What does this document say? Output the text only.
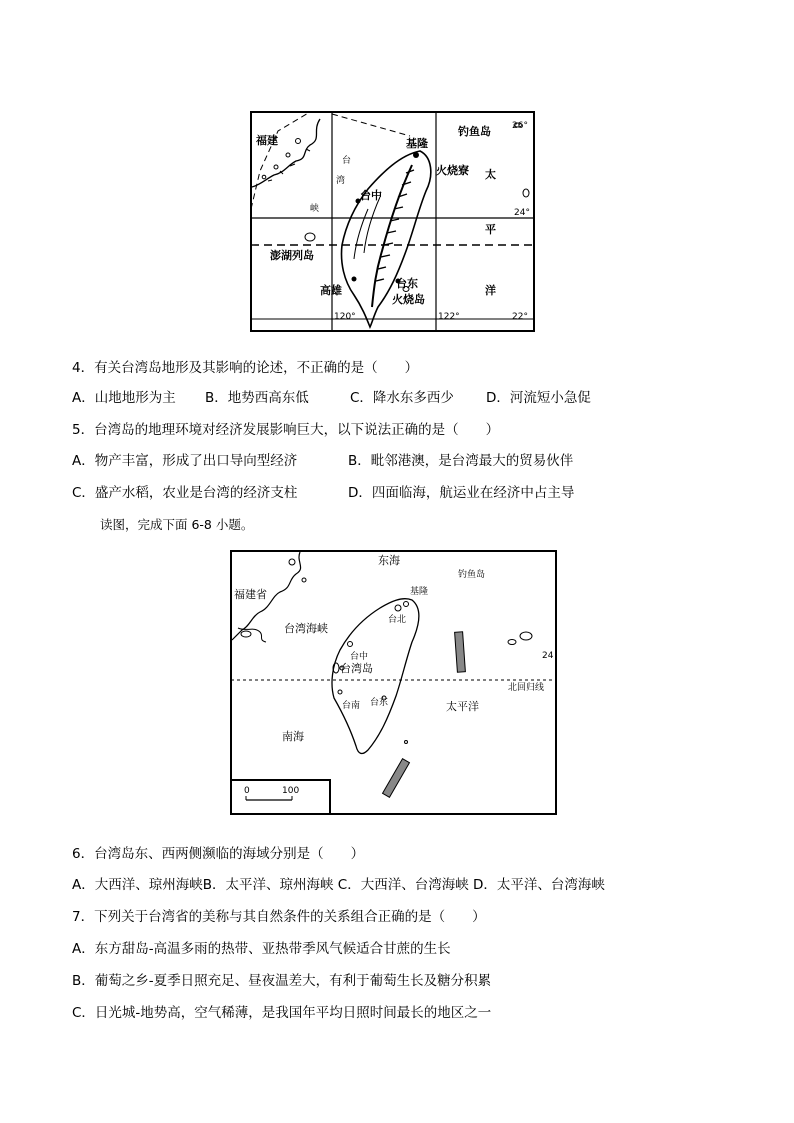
福建	基隆
钓鱼岛 26°
火烧寮 太
24°
平
台中
澎湖列岛
洋
高雄
台东
火烧岛
120°	122°	22°
台
湾
峡
4．有关台湾岛地形及其影响的论述，不正确的是（　　）
A．山地地形为主 B．地势西高东低	C．降水东多西少 D．河流短小急促
5．台湾岛的地理环境对经济发展影响巨大，以下说法正确的是（　　）
A．物产丰富，形成了出口导向型经济	B．毗邻港澳，是台湾最大的贸易伙伴
C．盛产水稻，农业是台湾的经济支柱	D．四面临海，航运业在经济中占主导
读图，完成下面 6-8 小题。
东海
钓鱼岛
福建省	基隆
台北
台湾海峡
台中
台湾岛
24
北回归线
台南 台东	太平洋
南海
0	100
6．台湾岛东、西两侧濒临的海域分别是（　　）
A．大西洋、琼州海峡B．太平洋、琼州海峡 C．大西洋、台湾海峡 D．太平洋、台湾海峡
7．下列关于台湾省的美称与其自然条件的关系组合正确的是（　　）
A．东方甜岛-高温多雨的热带、亚热带季风气候适合甘蔗的生长
B．葡萄之乡-夏季日照充足、昼夜温差大，有利于葡萄生长及糖分积累
C．日光城-地势高，空气稀薄，是我国年平均日照时间最长的地区之一
